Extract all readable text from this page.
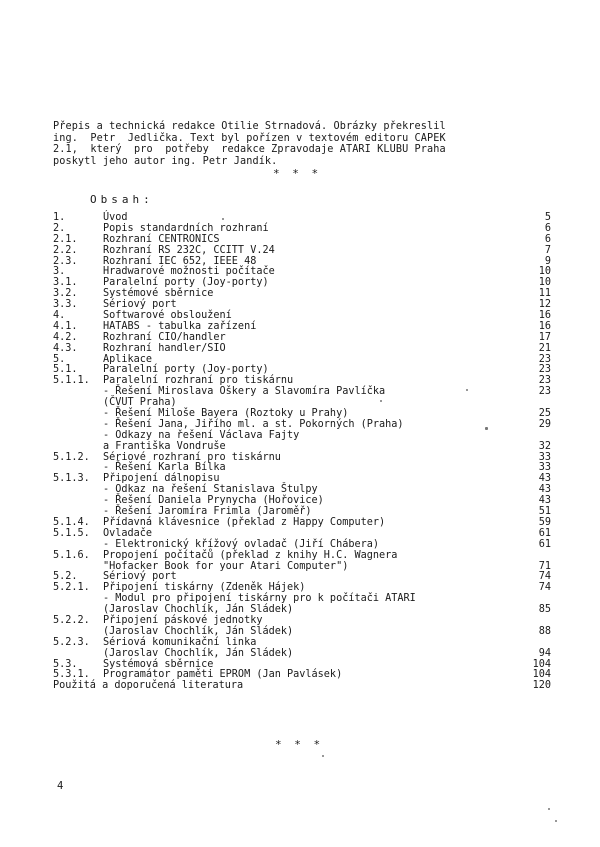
Přepis a technická redakce Otilie Strnadová. Obrázky překreslil
ing.  Petr  Jedlička. Text byl pořízen v textovém editoru CAPEK
2.1,  který  pro  potřeby  redakce Zpravodaje ATARI KLUBU Praha
poskytl jeho autor ing. Petr Jandík.
* * *
Obsah:
1.	Úvod	5
2.	Popis standardních rozhraní	6
2.1. Rozhraní CENTRONICS	6
2.2. Rozhraní RS 232C, CCITT V.24	7
2.3. Rozhraní IEC 652, IEEE 48	9
3.	Hradwarové možnosti počítače	10
3.1. Paralelní porty (Joy-porty)	10
3.2. Systémové sběrnice	11
3.3. Sériový port	12
4.	Softwarové obsloužení	16
4.1. HATABS - tabulka zařízení	16
4.2. Rozhraní CIO/handler	17
4.3. Rozhraní handler/SIO	21
5.	Aplikace	23
5.1. Paralelní porty (Joy-porty)	23
5.1.1. Paralelní rozhraní pro tiskárnu	23
- Řešení Miroslava Oškery a Slavomíra Pavlíčka	23
(ČVUT Praha)
- Řešení Miloše Bayera (Roztoky u Prahy)	25
- Řešení Jana, Jiřího ml. a st. Pokorných (Praha)	29
- Odkazy na řešení Václava Fajty
a Františka Vondruše	32
5.1.2. Sériové rozhraní pro tiskárnu	33
- Řešení Karla Bílka	33
5.1.3. Připojení dálnopisu	43
- Odkaz na řešení Stanislava Štulpy	43
- Řešení Daniela Prynycha (Hořovice)	43
- Řešení Jaromíra Frimla (Jaroměř)	51
5.1.4. Přídavná klávesnice (překlad z Happy Computer)	59
5.1.5. Ovladače	61
- Elektronický křížový ovladač (Jiří Chábera)	61
5.1.6. Propojení počítačů (překlad z knihy H.C. Wagnera
"Hofacker Book for your Atari Computer")	71
5.2. Sériový port	74
5.2.1. Připojení tiskárny (Zdeněk Hájek)	74
- Modul pro připojení tiskárny pro k počítači ATARI
(Jaroslav Chochlík, Ján Sládek)	85
5.2.2. Připojení páskové jednotky
(Jaroslav Chochlík, Ján Sládek)	88
5.2.3. Sériová komunikační linka
(Jaroslav Chochlík, Ján Sládek)	94
5.3. Systémová sběrnice	104
5.3.1. Programátor paměti EPROM (Jan Pavlásek)	104
Použitá a doporučená literatura	120
* * *
4
